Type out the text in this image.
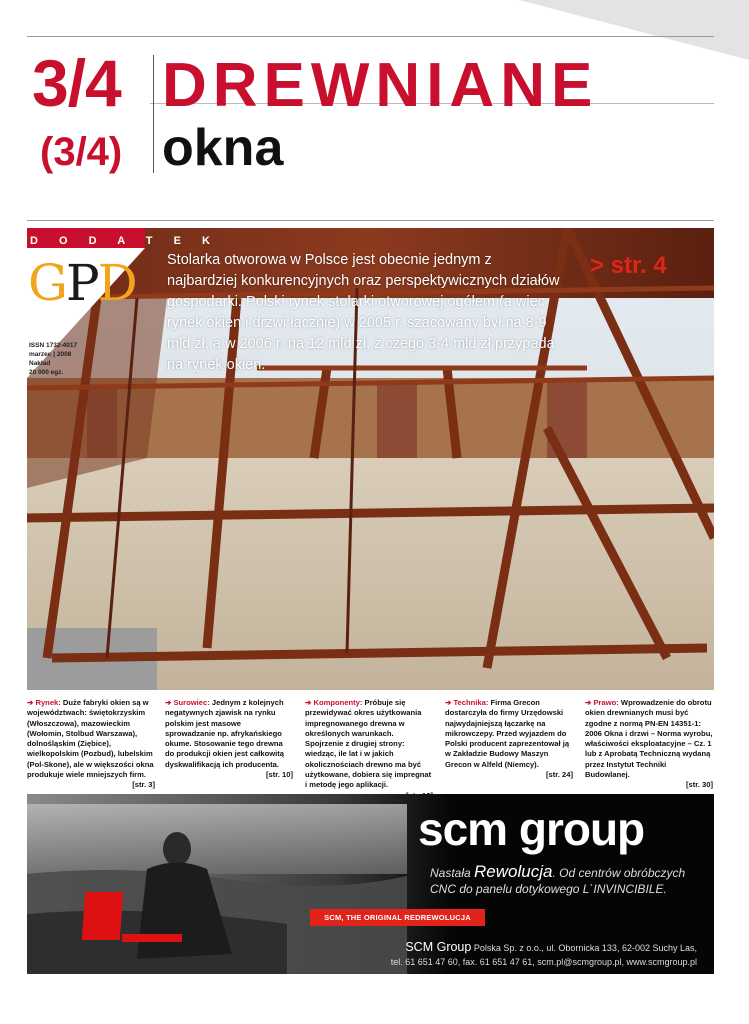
3/4
(3/4)
DREWNIANE
okna
Stolarka otworowa w Polsce jest obecnie jednym z najbardziej konkurencyjnych oraz perspektywicznych działów gospodarki. Polski rynek stolarki otworowej ogółem (a więc rynek okien i drzwi łącznie) w 2005 r. szacowany był na 8-9 mld zł, a w 2006 r. na 12 mld zł, z czego 3-4 mld zł przypada na rynek okien.
> str. 4
D O D A T E K
GPD
ISSN 1732-4017
marzec | 2008
Nakład
20 000 egz.
➔ Rynek: Duże fabryki okien są w województwach: świętokrzyskim (Włoszczowa), mazowieckim (Wołomin, Stolbud Warszawa), dolnośląskim (Ziębice), wielkopolskim (Pozbud), lubelskim (Pol-Skone), ale w większości okna produkuje wiele mniejszych firm.
[str. 3]
➔ Surowiec: Jednym z kolejnych negatywnych zjawisk na rynku polskim jest masowe sprowadzanie np. afrykańskiego okume. Stosowanie tego drewna do produkcji okien jest całkowitą dyskwalifikacją ich producenta.
[str. 10]
➔ Komponenty: Próbuje się przewidywać okres użytkowania impregnowanego drewna w określonych warunkach. Spojrzenie z drugiej strony: wiedząc, ile lat i w jakich okolicznościach drewno ma być użytkowane, dobiera się impregnat i metodę jego aplikacji.
➔ Technika: Firma Grecon dostarczyła do firmy Urzędowski najwydajniejszą łączarkę na mikrowczepy. Przed wyjazdem do Polski producent zaprezentował ją w Zakładzie Budowy Maszyn Grecon w Alfeld (Niemcy).
[str. 24]
➔ Prawo: Wprowadzenie do obrotu okien drewnianych musi być zgodne z normą PN-EN 14351-1: 2006 Okna i drzwi – Norma wyrobu, właściwości eksploatacyjne – Cz. 1 lub z Aprobatą Techniczną wydaną przez Instytut Techniki Budowlanej.
[str. 30]
scm group
Nastała Rewolucja. Od centrów obróbczych CNC do panelu dotykowego L`INVINCIBILE.
SCM, THE ORIGINAL REDREWOLUCJA
SCM Group Polska Sp. z o.o., ul. Obornicka 133, 62-002 Suchy Las,
tel. 61 651 47 60, fax. 61 651 47 61, scm.pl@scmgroup.pl, www.scmgroup.pl
